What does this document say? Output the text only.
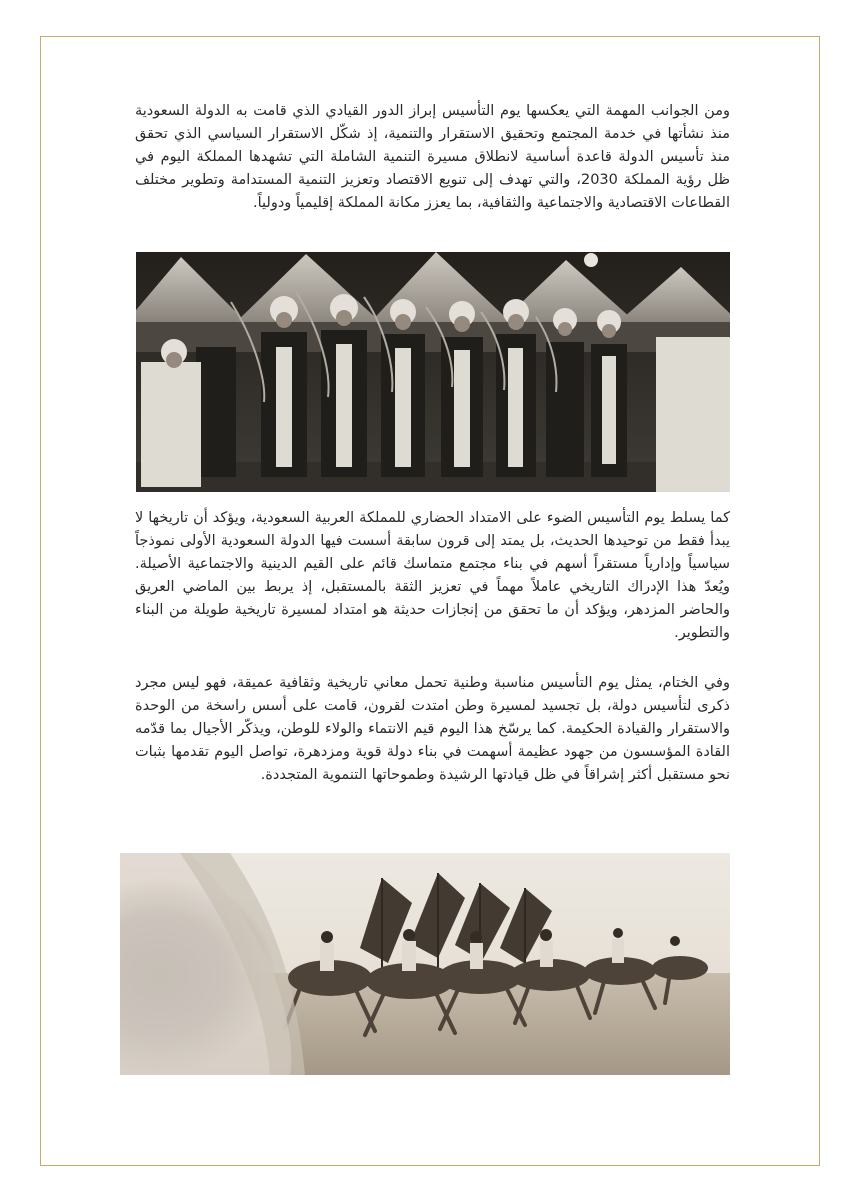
ومن الجوانب المهمة التي يعكسها يوم التأسيس إبراز الدور القيادي الذي قامت به الدولة السعودية منذ نشأتها في خدمة المجتمع وتحقيق الاستقرار والتنمية، إذ شكّل الاستقرار السياسي الذي تحقق منذ تأسيس الدولة قاعدة أساسية لانطلاق مسيرة التنمية الشاملة التي تشهدها المملكة اليوم في ظل رؤية المملكة 2030، والتي تهدف إلى تنويع الاقتصاد وتعزيز التنمية المستدامة وتطوير مختلف القطاعات الاقتصادية والاجتماعية والثقافية، بما يعزز مكانة المملكة إقليمياً ودولياً.

كما يسلط يوم التأسيس الضوء على الامتداد الحضاري للمملكة العربية السعودية، ويؤكد أن تاريخها لا يبدأ فقط من توحيدها الحديث، بل يمتد إلى قرون سابقة أسست فيها الدولة السعودية الأولى نموذجاً سياسياً وإدارياً مستقراً أسهم في بناء مجتمع متماسك قائم على القيم الدينية والاجتماعية الأصيلة. ويُعدّ هذا الإدراك التاريخي عاملاً مهماً في تعزيز الثقة بالمستقبل، إذ يربط بين الماضي العريق والحاضر المزدهر، ويؤكد أن ما تحقق من إنجازات حديثة هو امتداد لمسيرة تاريخية طويلة من البناء والتطوير.

وفي الختام، يمثل يوم التأسيس مناسبة وطنية تحمل معاني تاريخية وثقافية عميقة، فهو ليس مجرد ذكرى لتأسيس دولة، بل تجسيد لمسيرة وطن امتدت لقرون، قامت على أسس راسخة من الوحدة والاستقرار والقيادة الحكيمة. كما يرسّخ هذا اليوم قيم الانتماء والولاء للوطن، ويذكّر الأجيال بما قدّمه القادة المؤسسون من جهود عظيمة أسهمت في بناء دولة قوية ومزدهرة، تواصل اليوم تقدمها بثبات نحو مستقبل أكثر إشراقاً في ظل قيادتها الرشيدة وطموحاتها التنموية المتجددة.
